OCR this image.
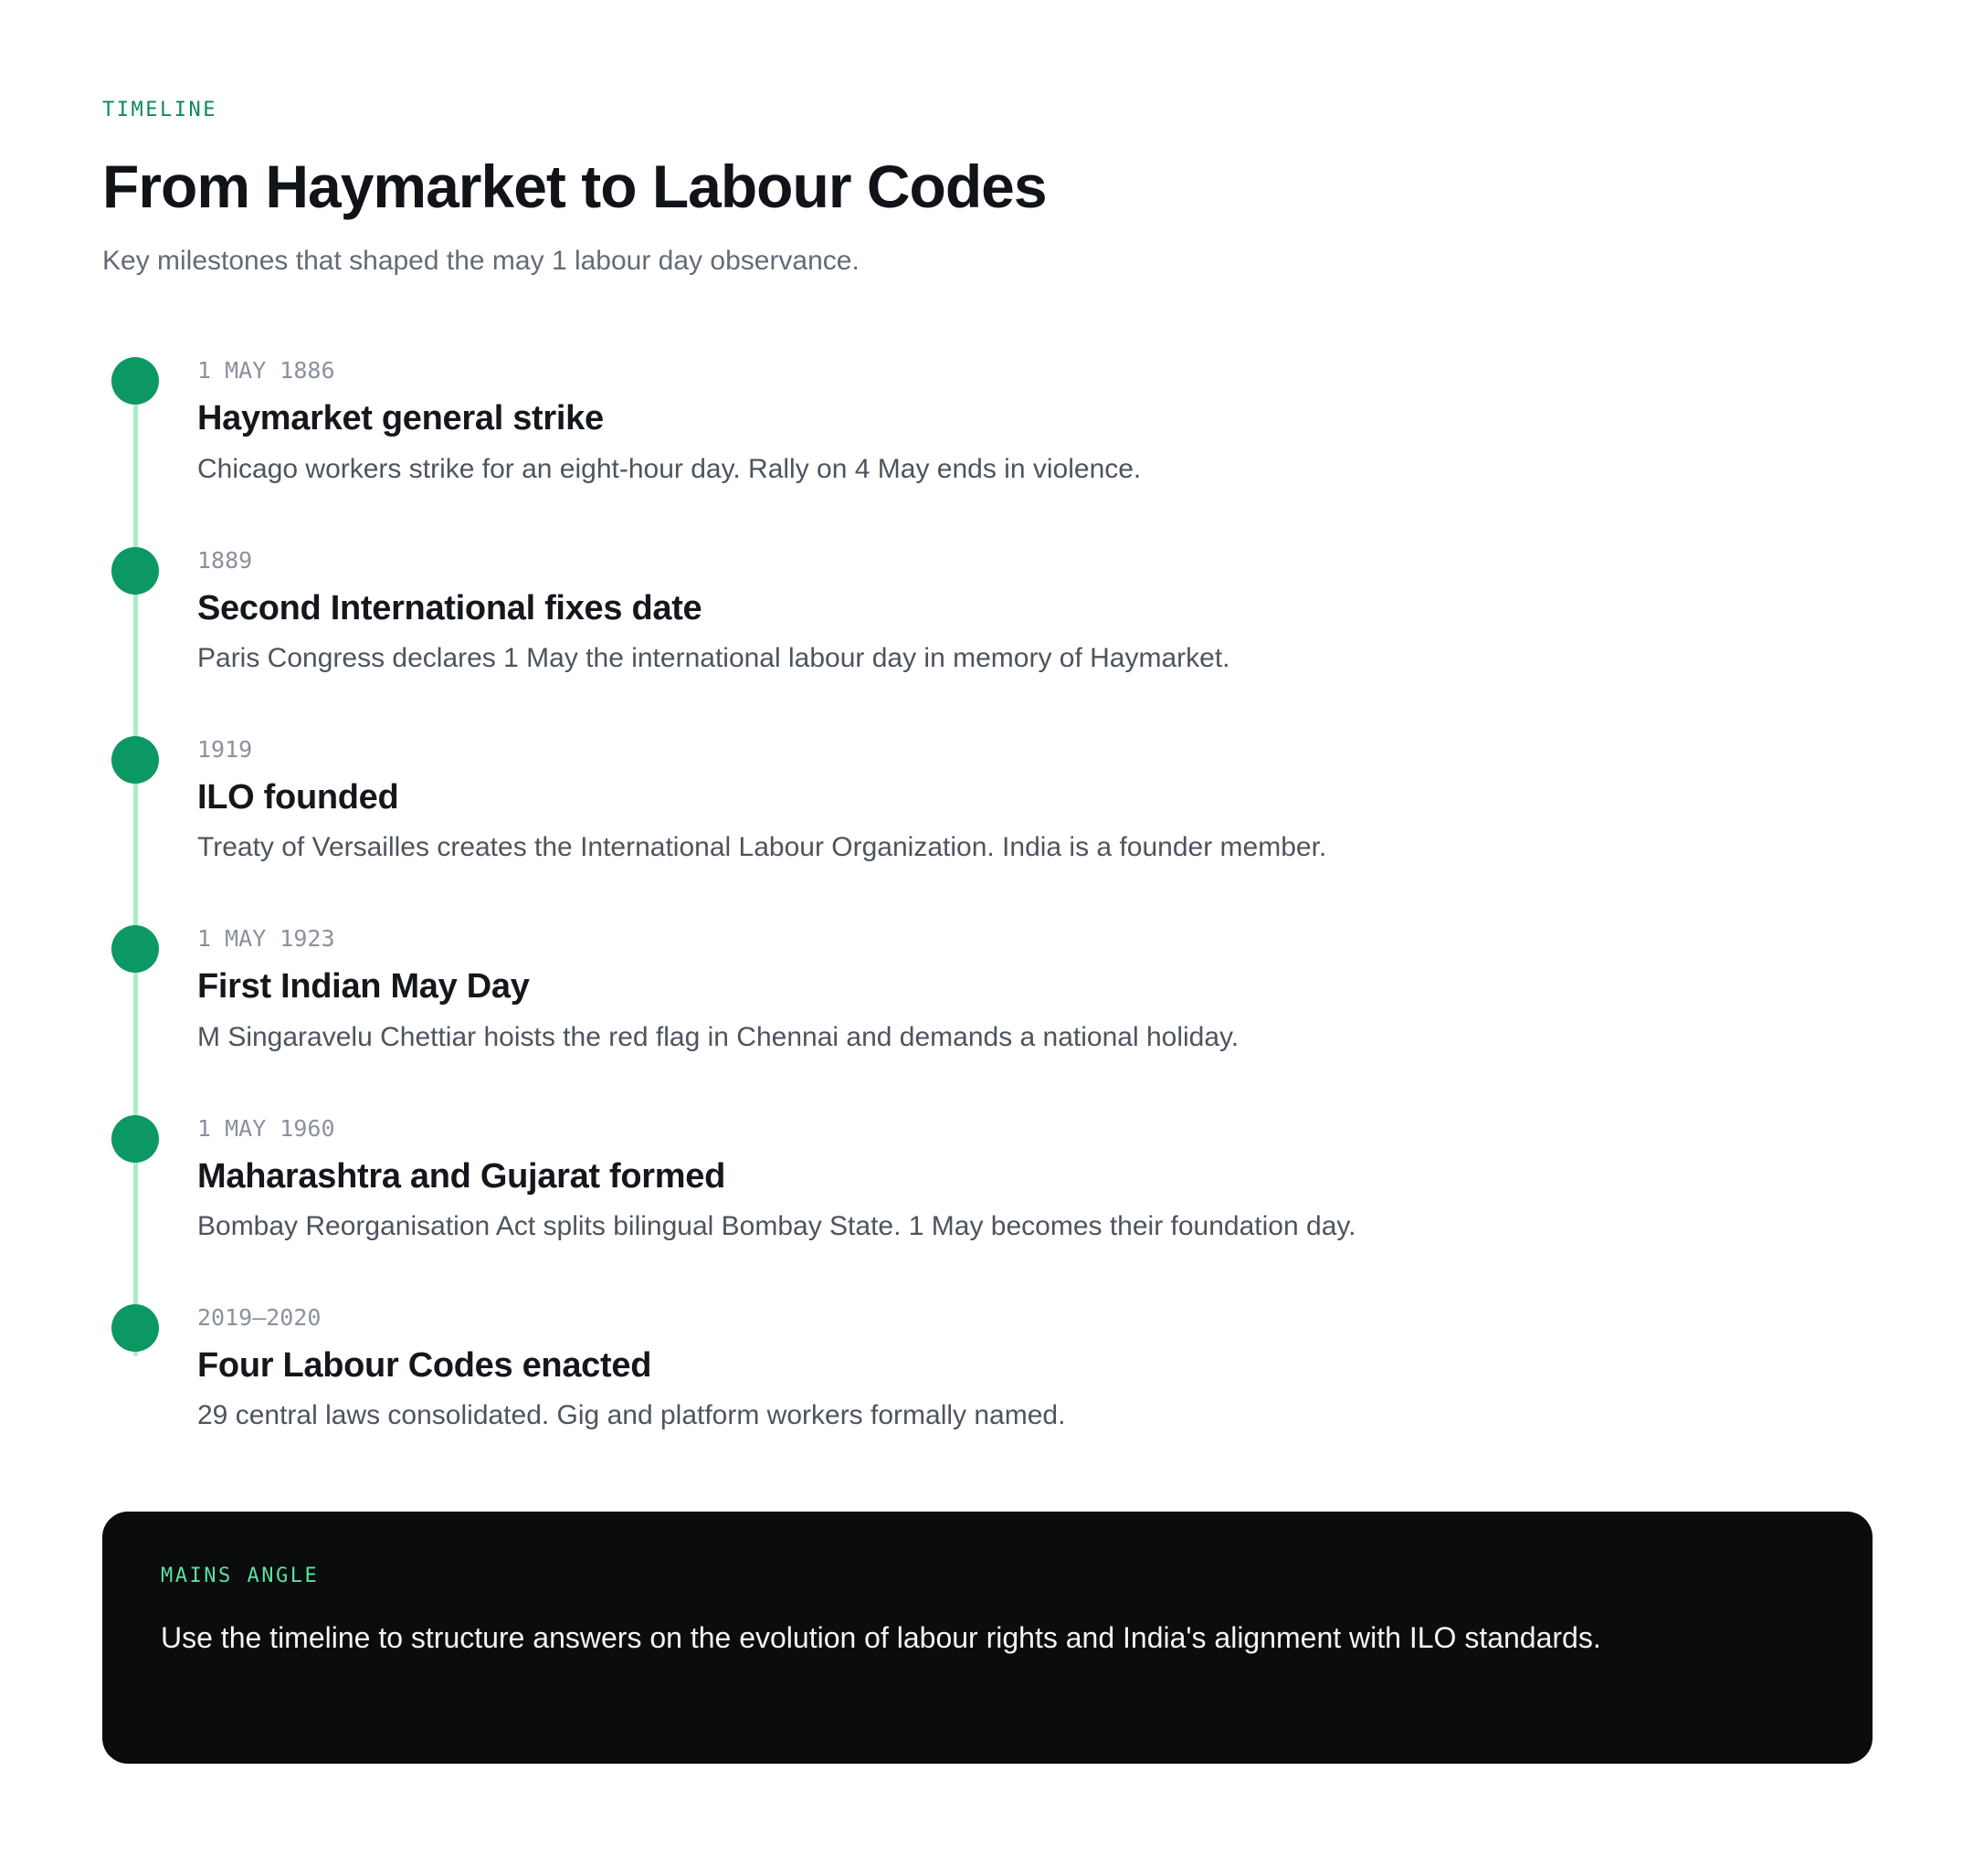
TIMELINE
From Haymarket to Labour Codes
Key milestones that shaped the may 1 labour day observance.
1 MAY 1886
Haymarket general strike
Chicago workers strike for an eight-hour day. Rally on 4 May ends in violence.
1889
Second International fixes date
Paris Congress declares 1 May the international labour day in memory of Haymarket.
1919
ILO founded
Treaty of Versailles creates the International Labour Organization. India is a founder member.
1 MAY 1923
First Indian May Day
M Singaravelu Chettiar hoists the red flag in Chennai and demands a national holiday.
1 MAY 1960
Maharashtra and Gujarat formed
Bombay Reorganisation Act splits bilingual Bombay State. 1 May becomes their foundation day.
2019–2020
Four Labour Codes enacted
29 central laws consolidated. Gig and platform workers formally named.
MAINS ANGLE
Use the timeline to structure answers on the evolution of labour rights and India's alignment with ILO standards.
